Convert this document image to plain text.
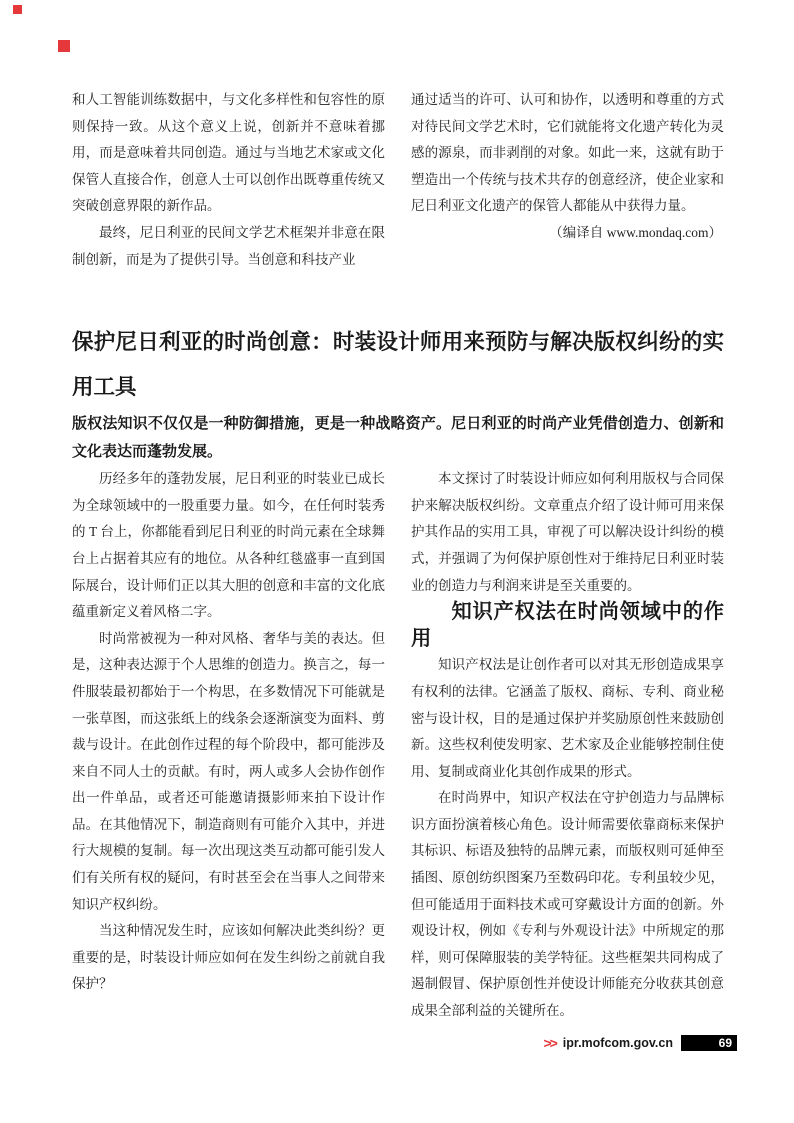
和人工智能训练数据中，与文化多样性和包容性的原则保持一致。从这个意义上说，创新并不意味着挪用，而是意味着共同创造。通过与当地艺术家或文化保管人直接合作，创意人士可以创作出既尊重传统又突破创意界限的新作品。

最终，尼日利亚的民间文学艺术框架并非意在限制创新，而是为了提供引导。当创意和科技产业

通过适当的许可、认可和协作，以透明和尊重的方式对待民间文学艺术时，它们就能将文化遗产转化为灵感的源泉，而非剥削的对象。如此一来，这就有助于塑造出一个传统与技术共存的创意经济，使企业家和尼日利亚文化遗产的保管人都能从中获得力量。

（编译自 www.mondaq.com）
保护尼日利亚的时尚创意：时装设计师用来预防与解决版权纠纷的实用工具

版权法知识不仅仅是一种防御措施，更是一种战略资产。尼日利亚的时尚产业凭借创造力、创新和文化表达而蓬勃发展。

历经多年的蓬勃发展，尼日利亚的时装业已成长为全球领域中的一股重要力量。如今，在任何时装秀的 T 台上，你都能看到尼日利亚的时尚元素在全球舞台上占据着其应有的地位。从各种红毯盛事一直到国际展台，设计师们正以其大胆的创意和丰富的文化底蕴重新定义着风格二字。

时尚常被视为一种对风格、奢华与美的表达。但是，这种表达源于个人思维的创造力。换言之，每一件服装最初都始于一个构思，在多数情况下可能就是一张草图，而这张纸上的线条会逐渐演变为面料、剪裁与设计。在此创作过程的每个阶段中，都可能涉及来自不同人士的贡献。有时，两人或多人会协作创作出一件单品，或者还可能邀请摄影师来拍下设计作品。在其他情况下，制造商则有可能介入其中，并进行大规模的复制。每一次出现这类互动都可能引发人们有关所有权的疑问，有时甚至会在当事人之间带来知识产权纠纷。

当这种情况发生时，应该如何解决此类纠纷？更重要的是，时装设计师应如何在发生纠纷之前就自我保护？

本文探讨了时装设计师应如何利用版权与合同保护来解决版权纠纷。文章重点介绍了设计师可用来保护其作品的实用工具，审视了可以解决设计纠纷的模式，并强调了为何保护原创性对于维持尼日利亚时装业的创造力与利润来讲是至关重要的。

知识产权法在时尚领域中的作用

知识产权法是让创作者可以对其无形创造成果享有权利的法律。它涵盖了版权、商标、专利、商业秘密与设计权，目的是通过保护并奖励原创性来鼓励创新。这些权利使发明家、艺术家及企业能够控制住使用、复制或商业化其创作成果的形式。

在时尚界中，知识产权法在守护创造力与品牌标识方面扮演着核心角色。设计师需要依靠商标来保护其标识、标语及独特的品牌元素，而版权则可延伸至插图、原创纺织图案乃至数码印花。专利虽较少见，但可能适用于面料技术或可穿戴设计方面的创新。外观设计权，例如《专利与外观设计法》中所规定的那样，则可保障服装的美学特征。这些框架共同构成了遏制假冒、保护原创性并使设计师能充分收获其创意成果全部利益的关键所在。

>> ipr.mofcom.gov.cn	69
